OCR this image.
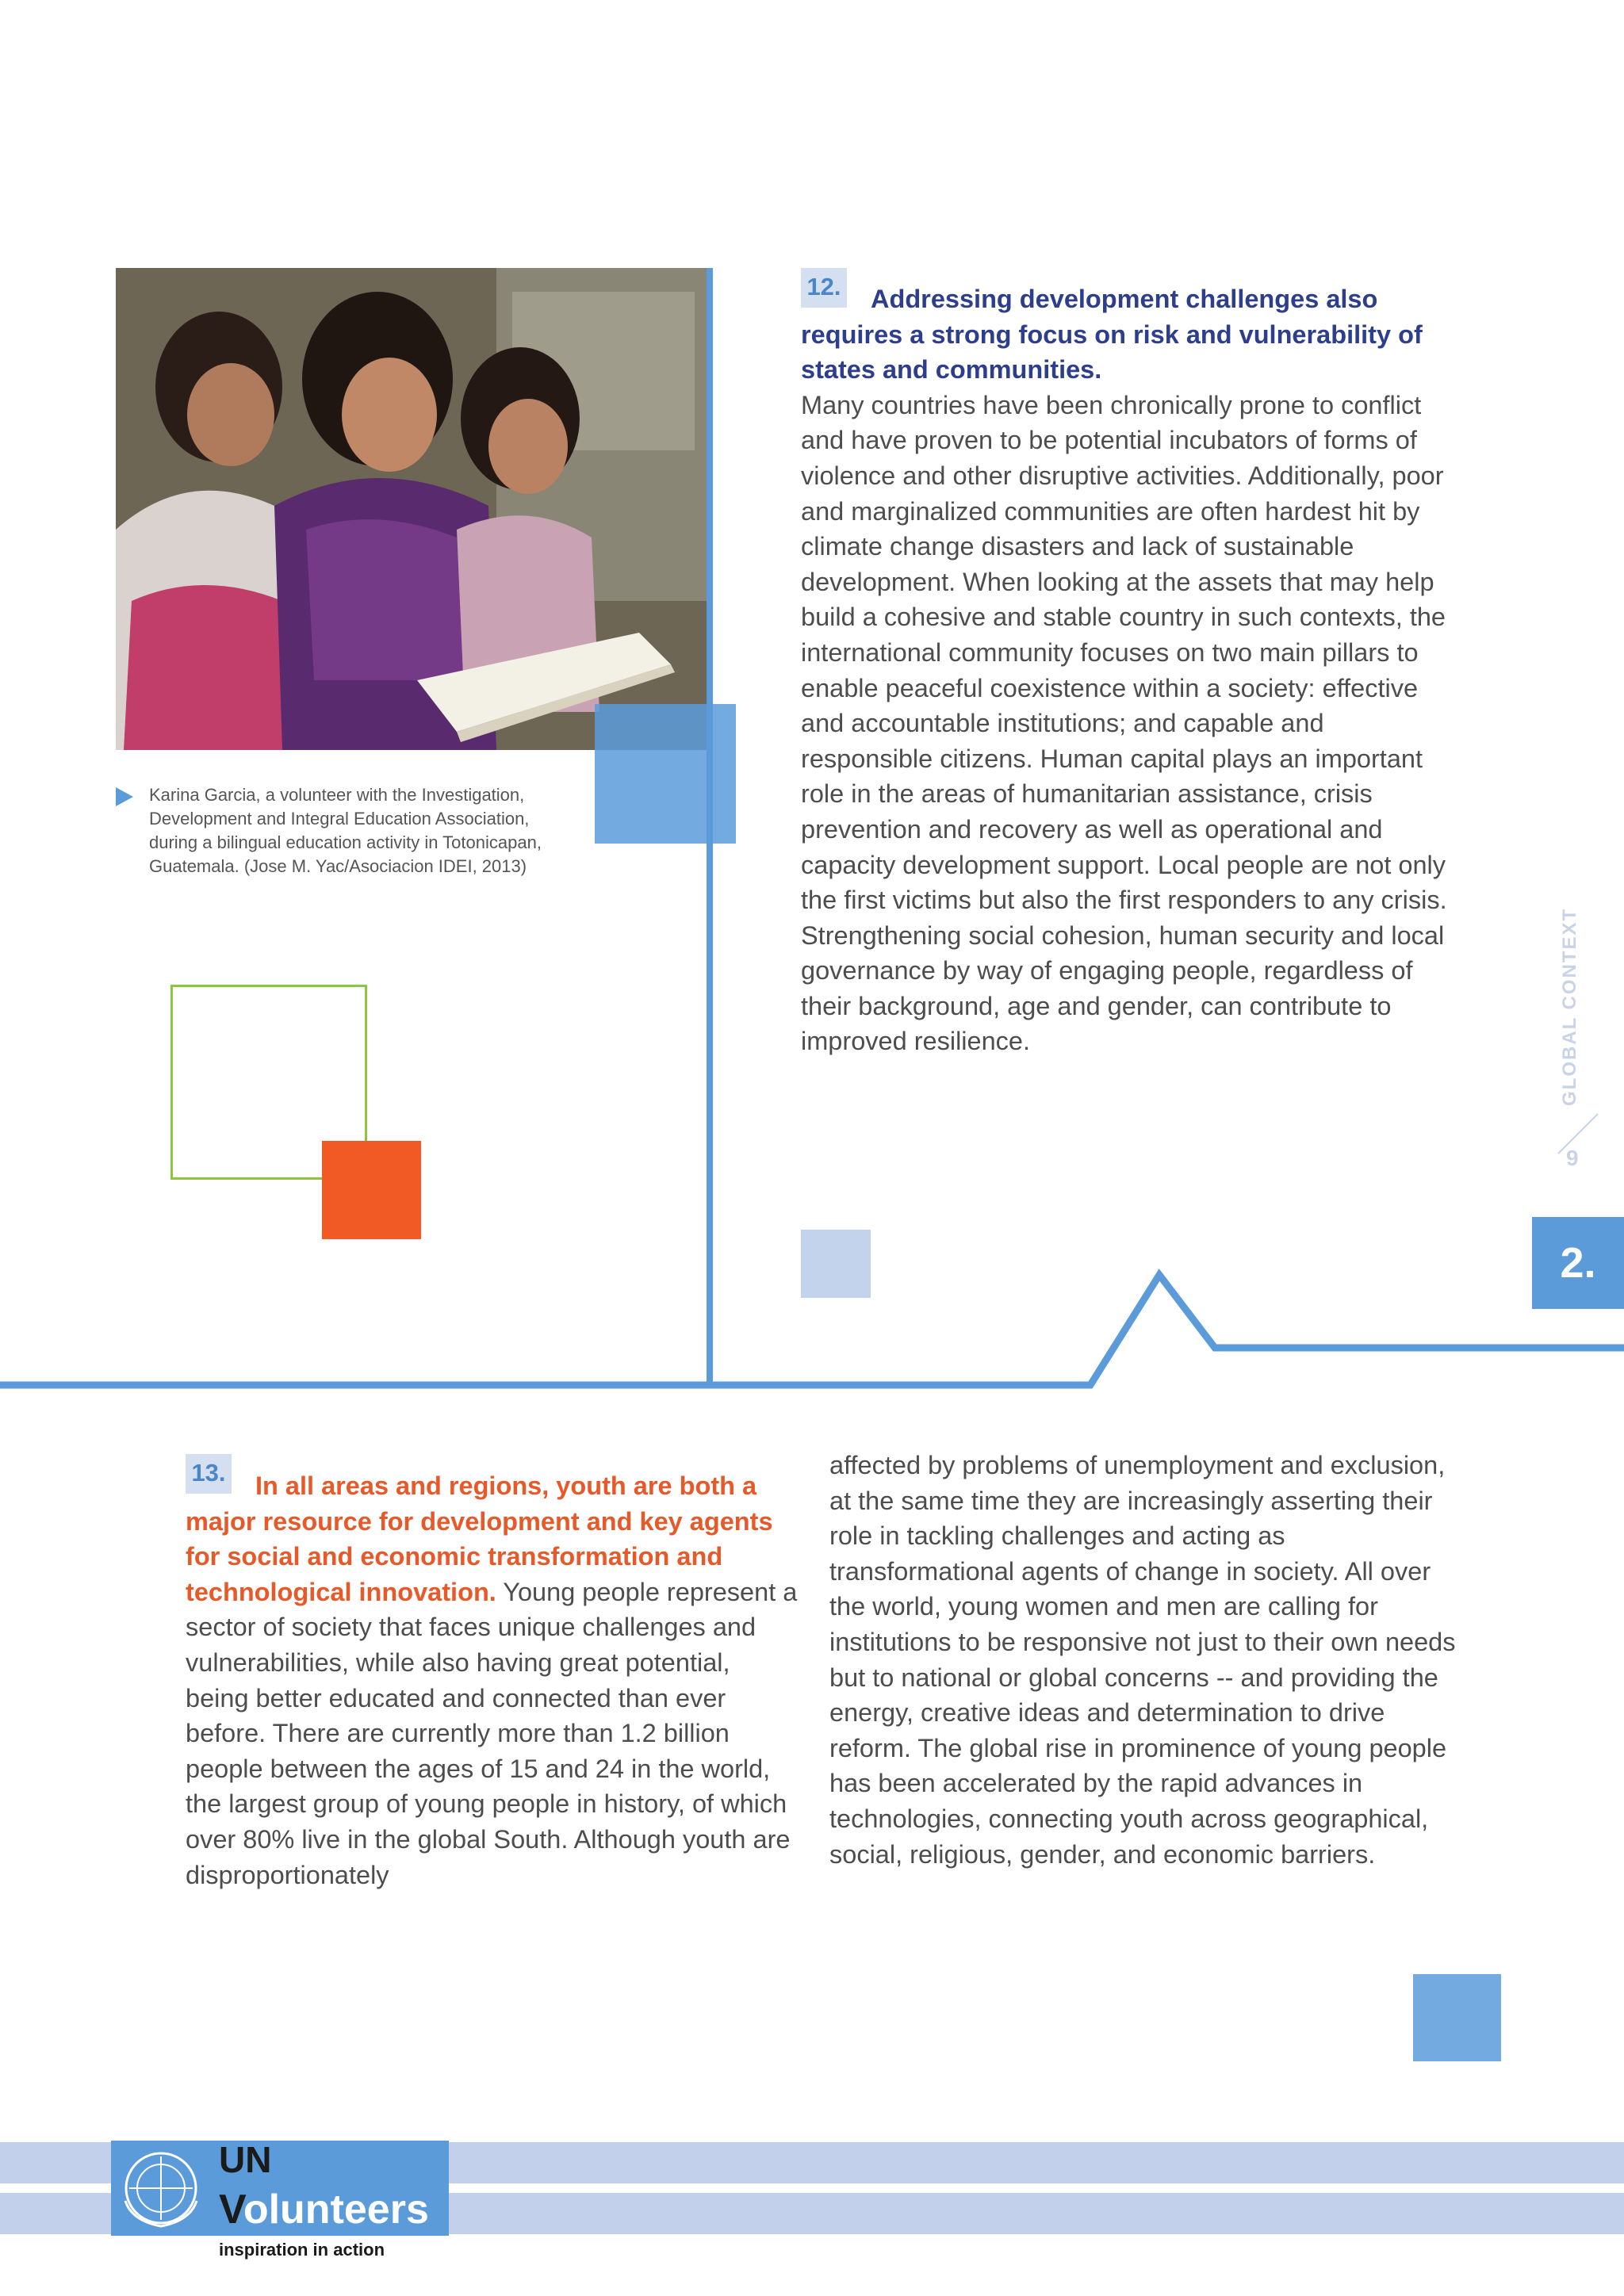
Karina Garcia, a volunteer with the Investigation, Development and Integral Education Association, during a bilingual education activity in Totonicapan, Guatemala. (Jose M. Yac/Asociacion IDEI, 2013)
12.	Addressing development challenges also requires a strong focus on risk and vulnerability of states and communities.
Many countries have been chronically prone to conflict and have proven to be potential incubators of forms of violence and other disruptive activities. Additionally, poor and marginalized communities are often hardest hit by climate change disasters and lack of sustainable development. When looking at the assets that may help build a cohesive and stable country in such contexts, the international community focuses on two main pillars to enable peaceful coexistence within a society: effective and accountable institutions; and capable and responsible citizens. Human capital plays an important role in the areas of humanitarian assistance, crisis prevention and recovery as well as operational and capacity development support. Local people are not only the first victims but also the first responders to any crisis. Strengthening social cohesion, human security and local governance by way of engaging people, regardless of their background, age and gender, can contribute to improved resilience.
13.	In all areas and regions, youth are both a major resource for development and key agents for social and economic transformation and technological innovation. Young people represent a sector of society that faces unique challenges and vulnerabilities, while also having great potential, being better educated and connected than ever before. There are currently more than 1.2 billion people between the ages of 15 and 24 in the world, the largest group of young people in history, of which over 80% live in the global South. Although youth are disproportionately
affected by problems of unemployment and exclusion, at the same time they are increasingly asserting their role in tackling challenges and acting as transformational agents of change in society. All over the world, young women and men are calling for institutions to be responsive not just to their own needs but to national or global concerns -- and providing the energy, creative ideas and determination to drive reform. The global rise in prominence of young people has been accelerated by the rapid advances in technologies, connecting youth across geographical, social, religious, gender, and economic barriers.
GLOBAL CONTEXT
9
2.
UN
Volunteers
inspiration in action
